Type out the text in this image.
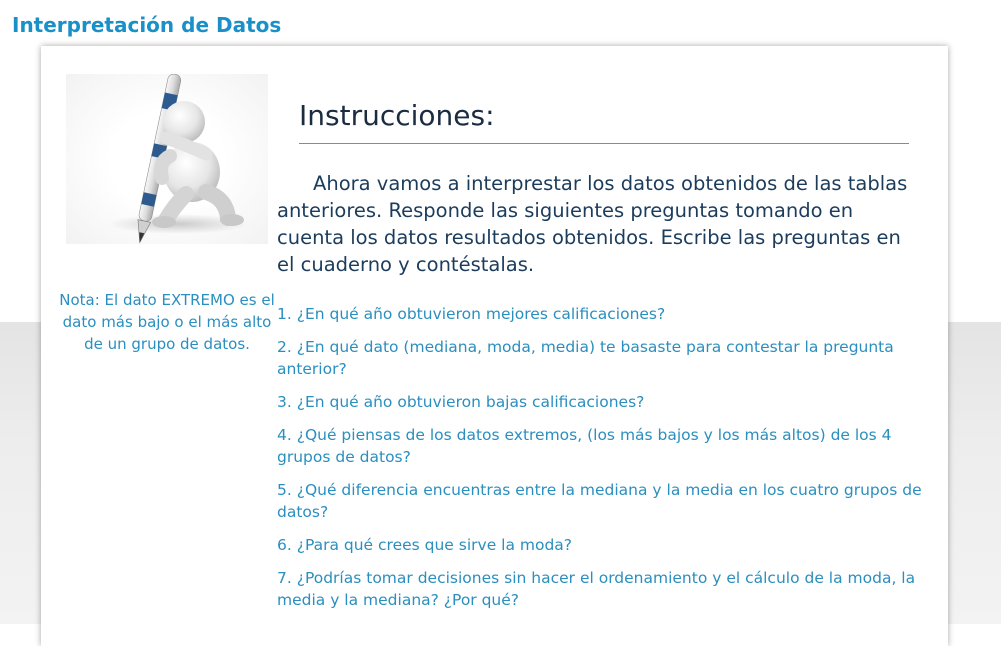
Interpretación de Datos
Nota: El dato EXTREMO es el dato más bajo o el más alto de un grupo de datos.
Instrucciones:

Ahora vamos a interprestar los datos obtenidos de las tablas anteriores. Responde las siguientes preguntas tomando en cuenta los datos resultados obtenidos. Escribe las preguntas en el cuaderno y contéstalas.

1. ¿En qué año obtuvieron mejores calificaciones?
2. ¿En qué dato (mediana, moda, media) te basaste para contestar la pregunta anterior?
3. ¿En qué año obtuvieron bajas calificaciones?
4. ¿Qué piensas de los datos extremos, (los más bajos y los más altos) de los 4 grupos de datos?
5. ¿Qué diferencia encuentras entre la mediana y la media en los cuatro grupos de datos?
6. ¿Para qué crees que sirve la moda?
7. ¿Podrías tomar decisiones sin hacer el ordenamiento y el cálculo de la moda, la media y la mediana? ¿Por qué?
